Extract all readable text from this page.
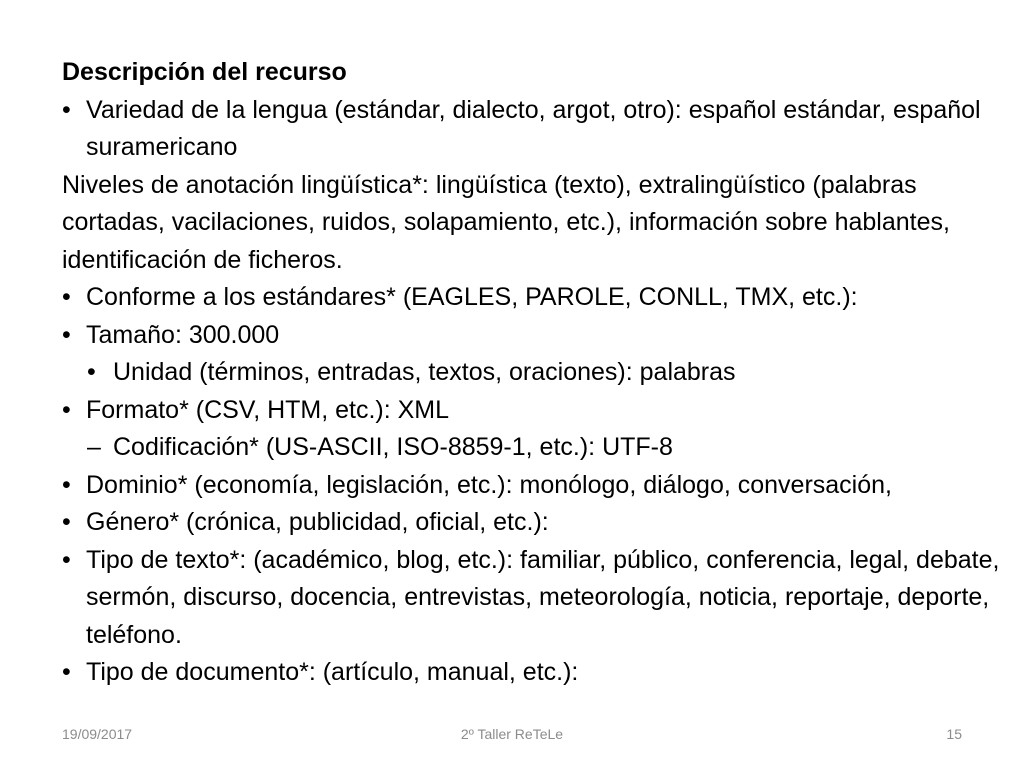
Descripción del recurso

• Variedad de la lengua (estándar, dialecto, argot, otro): español estándar, español suramericano

Niveles de anotación lingüística*: lingüística (texto), extralingüístico (palabras cortadas, vacilaciones, ruidos, solapamiento, etc.), información sobre hablantes, identificación de ficheros.

• Conforme a los estándares* (EAGLES, PAROLE, CONLL, TMX, etc.):

• Tamaño: 300.000

• Unidad (términos, entradas, textos, oraciones): palabras

• Formato* (CSV, HTM, etc.): XML

– Codificación* (US-ASCII, ISO-8859-1, etc.): UTF-8

• Dominio* (economía, legislación, etc.): monólogo, diálogo, conversación,

• Género* (crónica, publicidad, oficial, etc.):

• Tipo de texto*: (académico, blog, etc.): familiar, público, conferencia, legal, debate, sermón, discurso, docencia, entrevistas, meteorología, noticia, reportaje, deporte, teléfono.

• Tipo de documento*: (artículo, manual, etc.):

19/09/2017	2º Taller ReTeLe	15
